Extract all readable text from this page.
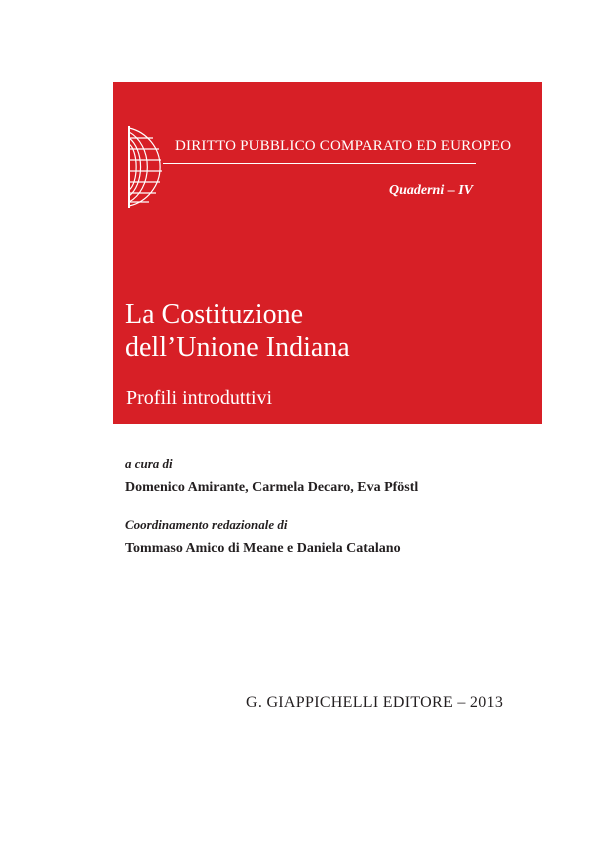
DIRITTO PUBBLICO COMPARATO ED EUROPEO
Quaderni – IV
La Costituzione
dell’Unione Indiana
Profili introduttivi
a cura di
Domenico Amirante, Carmela Decaro, Eva Pföstl
Coordinamento redazionale di
Tommaso Amico di Meane e Daniela Catalano
G. GIAPPICHELLI EDITORE – 2013
